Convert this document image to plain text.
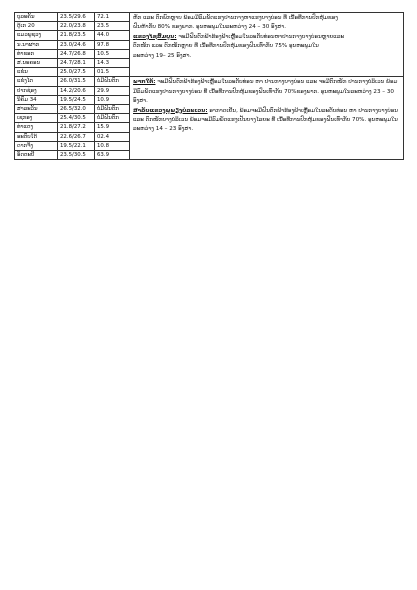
ບຸລະຄັນ	23.5/29.6	72.1	ຫັກ ແລະ ຕົກພົກຫຼາບ ພ້ອມມີລົມພັດແຮງປານກາງຫາແຮງບາງບ່ອນ ທີ່ ເນື້ອທີ່ການປົກຫຸ້ມຂອງ

ຝົນຫ້າກັບ 80% ຂອງພາກ. ອຸນຫະພູມໃນລະຫວ່າງ 24 – 30 ອົງສາ.

ແຂວງໄຊສົມບູນ: ຈະມີຝົນຕົກຟ້າຮ້ອງຟ້າເຫຼື້ອມໃນລະດັບທ່ອນຫາປານກາງບາງບ່ອນຫຼາຍແລະ

ຕົກໜັກ ແລະ ຕົກໜັກຫຼາຍ ທີ່ ເນື້ອທີ່ການປົກຫຸ້ມຂອງຝົນເທົ່າກັບ 75% ອຸນຫະພູມໃນ

ລະຫວ່າງ 19– 25 ອົງສາ.

ຕູ້ເກ 20	22.0/23.8	23.5	
ແມວພູຊວງ	21.8/23.5	44.0	
ນ.ນາຜາກ	23.0/24.6	97.8	
ທ່າຂອກ	24.7/26.8	10.5	
ສ.ນະຄອນ	24.7/28.1	14.3	
ແຂໍ່ນ	25.0/27.5	01.5	
ແຂໍ່ງໄຕ	26.0/31.5	ບໍ່ມີຝົນຕົກ	ພາກໃຕ້: ຈະມີຝົນຕົກຟ້າຮ້ອງຟ້າເຫຼື້ອມໃນລະດັບທ່ອນ ຫາ ປານກາງບາງບ່ອນ ແລະ ຈະມີຕົກໜັກ ປານກາງບໍລິເວນ ພ້ອມມີລົມພັດແຮງປານກາງບາງບ່ອນ ທີ່ ເນື້ອທີ່ການປົກຫຸ້ມຂອງຝົນເທົ່າກັບ 70%ຂອງພາກ. ອຸນຫະພູມໃນລະຫວ່າງ 23 – 30 ອົງສາ.

ສາລັບແຂວງພູພຽງບໍລະເວນ: ອາກາດເຢັນ, ພ້ອມຈະມີຝົນຕົກຟ້າຮ້ອງຟ້າເຫຼື້ອມໃນລະດັບທ່ອນ ຫາ ປານກາງບາງບ່ອນ ແລະ ຕົກໜັກບາງບໍລິເວນ ພ້ອມຈະມີລົມພັດແຮງເປັນບາງໄລຍະ ທີ່ ເນື້ອທີ່ການປົກຫຸ້ມຂອງຝົນເທົ່າກັບ 70%. ອຸນຫະພູມໃນລະຫວ່າງ 14 – 23 ອົງສາ.

ປາກຊ່ອງ	14.2/20.6	29.9	
ນິຄົມ 34	19.5/24.5	10.9	
ສາລະວັນ	26.5/32.0	ບໍ່ມີຝົນຕົກ	
ເຊກອງ	25.4/30.5	ບໍ່ມີຝົນຕົກ	
ທ່າແຕງ	21.8/27.2	15.9	
ອະຕົບໃຕ້	22.6/26.7	02.4	
ດາກຈຶງ	19.5/22.1	10.8	
ອັດຕະປື	23.5/30.5	63.9	
